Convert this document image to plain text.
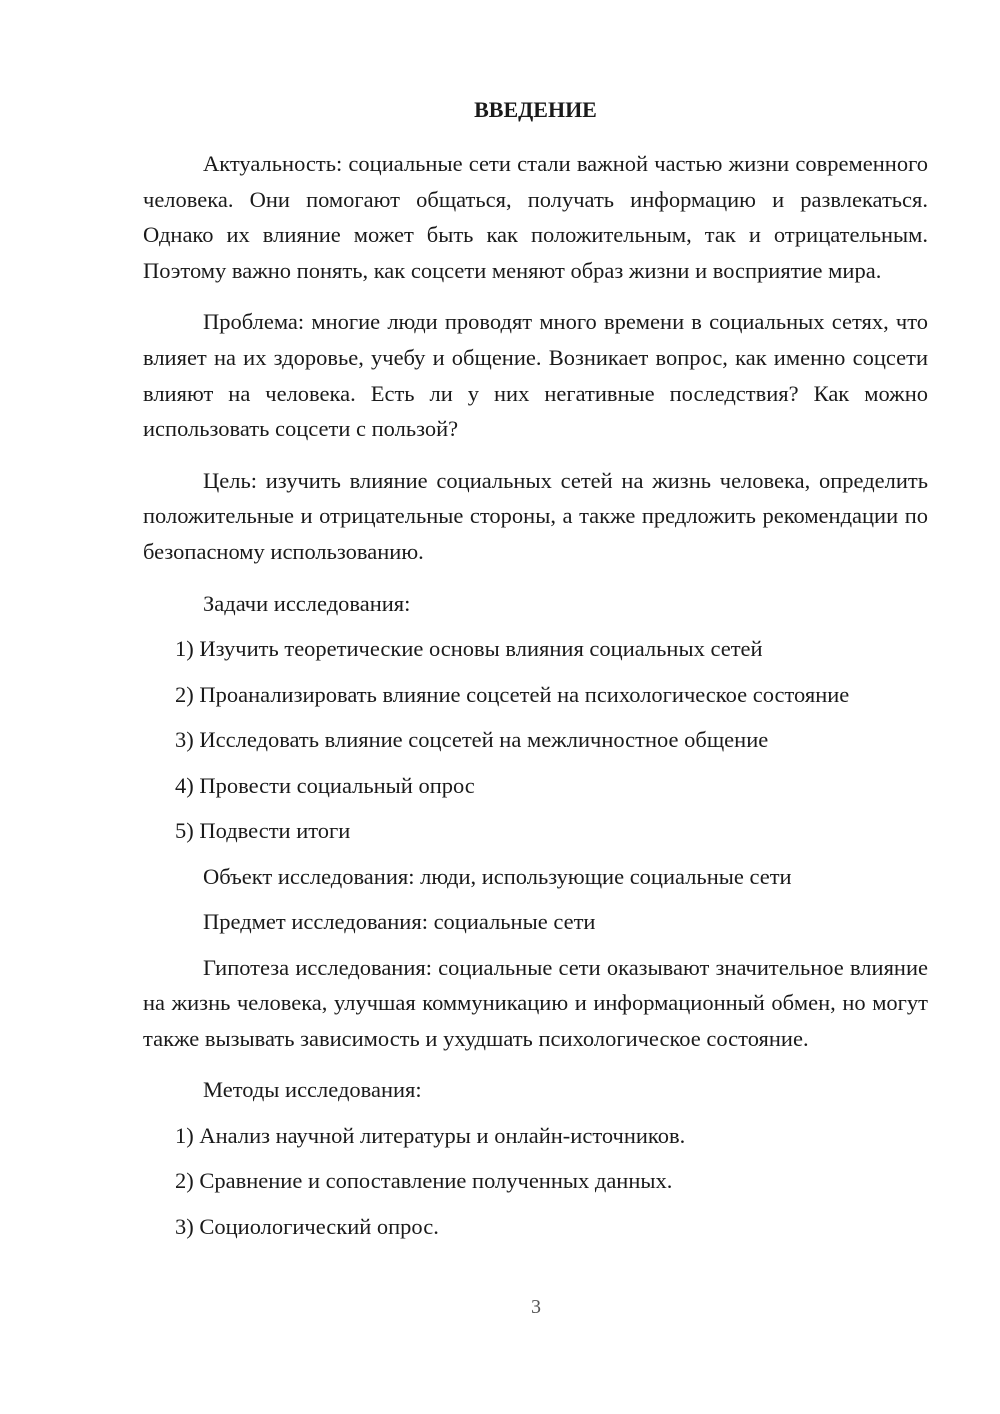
ВВЕДЕНИЕ

Актуальность: социальные сети стали важной частью жизни современного человека. Они помогают общаться, получать информацию и развлекаться. Однако их влияние может быть как положительным, так и отрицательным. Поэтому важно понять, как соцсети меняют образ жизни и восприятие мира.

Проблема: многие люди проводят много времени в социальных сетях, что влияет на их здоровье, учебу и общение. Возникает вопрос, как именно соцсети влияют на человека. Есть ли у них негативные последствия? Как можно использовать соцсети с пользой?

Цель: изучить влияние социальных сетей на жизнь человека, определить положительные и отрицательные стороны, а также предложить рекомендации по безопасному использованию.

Задачи исследования:
1) Изучить теоретические основы влияния социальных сетей
2) Проанализировать влияние соцсетей на психологическое состояние
3) Исследовать влияние соцсетей на межличностное общение
4) Провести социальный опрос
5) Подвести итоги
Объект исследования: люди, использующие социальные сети
Предмет исследования: социальные сети

Гипотеза исследования: социальные сети оказывают значительное влияние на жизнь человека, улучшая коммуникацию и информационный обмен, но могут также вызывать зависимость и ухудшать психологическое состояние.

Методы исследования:
1) Анализ научной литературы и онлайн-источников.
2) Сравнение и сопоставление полученных данных.
3) Социологический опрос.
3
